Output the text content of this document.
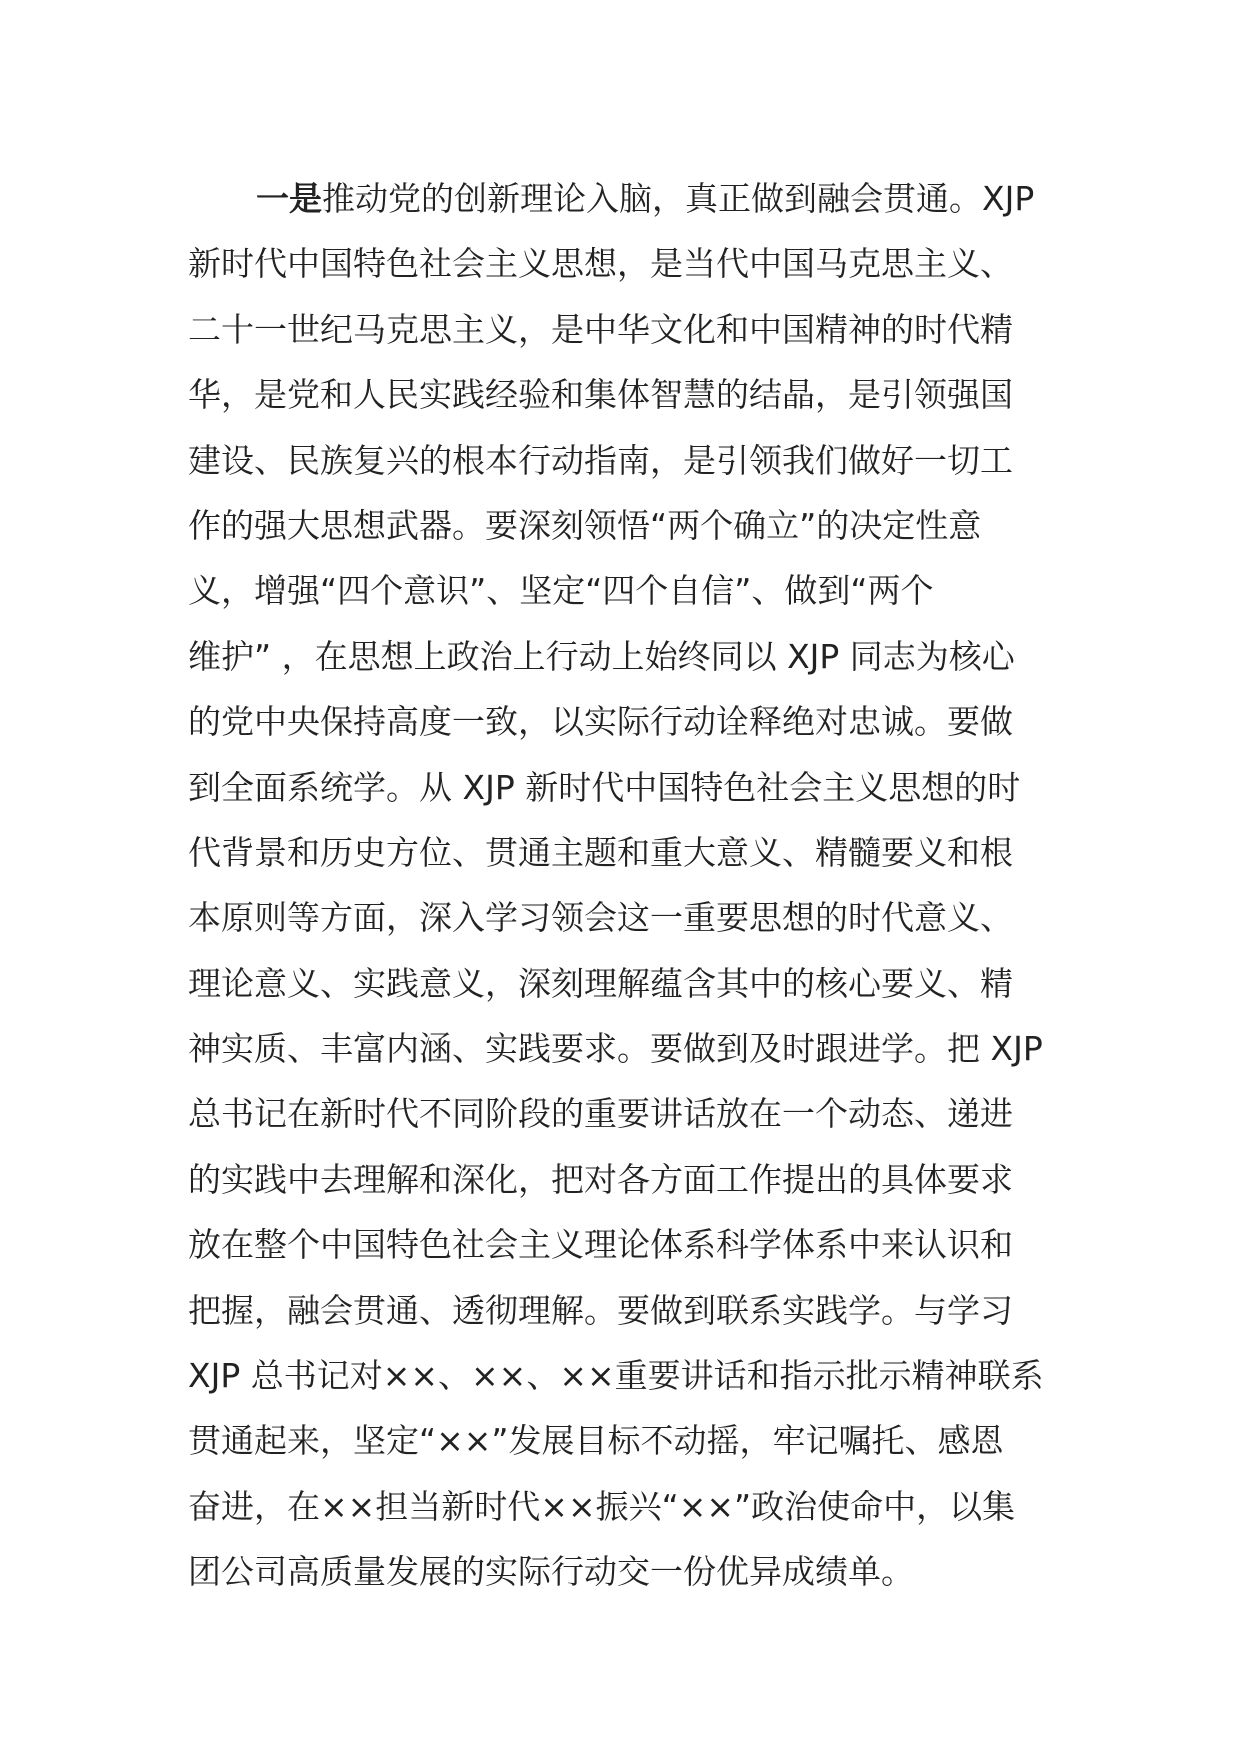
一是推动党的创新理论入脑，真正做到融会贯通。XJP
新时代中国特色社会主义思想，是当代中国马克思主义、
二十一世纪马克思主义，是中华文化和中国精神的时代精
华，是党和人民实践经验和集体智慧的结晶，是引领强国
建设、民族复兴的根本行动指南，是引领我们做好一切工
作的强大思想武器。要深刻领悟“两个确立”的决定性意
义，增强“四个意识”、坚定“四个自信”、做到“两个
维护” ，在思想上政治上行动上始终同以 XJP 同志为核心
的党中央保持高度一致，以实际行动诠释绝对忠诚。要做
到全面系统学。从 XJP 新时代中国特色社会主义思想的时
代背景和历史方位、贯通主题和重大意义、精髓要义和根
本原则等方面，深入学习领会这一重要思想的时代意义、
理论意义、实践意义，深刻理解蕴含其中的核心要义、精
神实质、丰富内涵、实践要求。要做到及时跟进学。把 XJP
总书记在新时代不同阶段的重要讲话放在一个动态、递进
的实践中去理解和深化，把对各方面工作提出的具体要求
放在整个中国特色社会主义理论体系科学体系中来认识和
把握，融会贯通、透彻理解。要做到联系实践学。与学习
XJP 总书记对××、××、××重要讲话和指示批示精神联系
贯通起来，坚定“××”发展目标不动摇，牢记嘱托、感恩
奋进，在××担当新时代××振兴“××”政治使命中，以集
团公司高质量发展的实际行动交一份优异成绩单。
